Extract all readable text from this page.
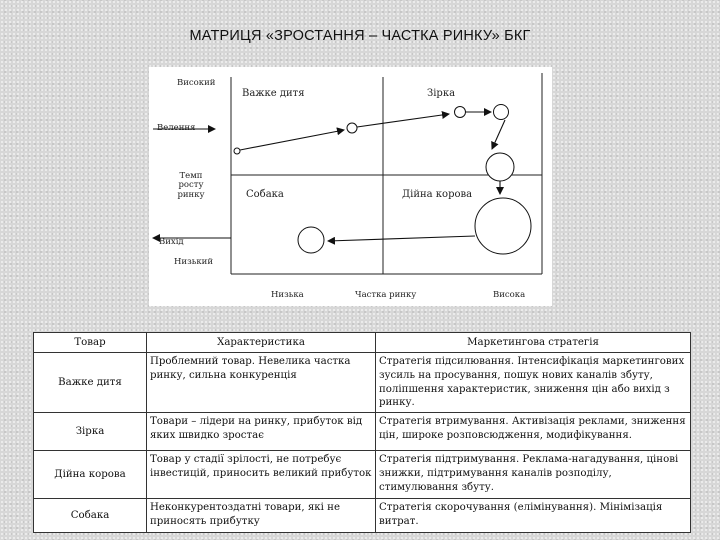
МАТРИЦЯ «ЗРОСТАННЯ – ЧАСТКА РИНКУ» БКГ
Високий
Вeлення
Темп
росту
ринку
Вихід
Низький
Важкe дитя	Зірка
Собака	Дійна корова
Низька	Частка ринку	Висока
Товар	Характеристика	Маркетингова стратегія
Важке дитя	Проблемний товар. Невелика частка ринку, сильна конкуренція	Стратегія підсилювання. Інтенсифікація маркетингових зусиль на просування, пошук нових каналів збуту, поліпшення характеристик, зниження цін або вихід з ринку.
Зірка	Товари – лідери на ринку, прибуток від яких швидко зростає	Стратегія втримування. Активізація реклами, зниження цін, широке розповсюдження, модифікування.
Дійна корова	Товар у стадії зрілості, не потребує інвестицій, приносить великий прибуток	Стратегія підтримування. Реклама-нагадування, цінові знижки, підтримування каналів розподілу, стимулювання збуту.
Собака	Неконкурентоздатні товари, які не приносять прибутку	Стратегія скорочування (елімінування). Мінімізація витрат.
